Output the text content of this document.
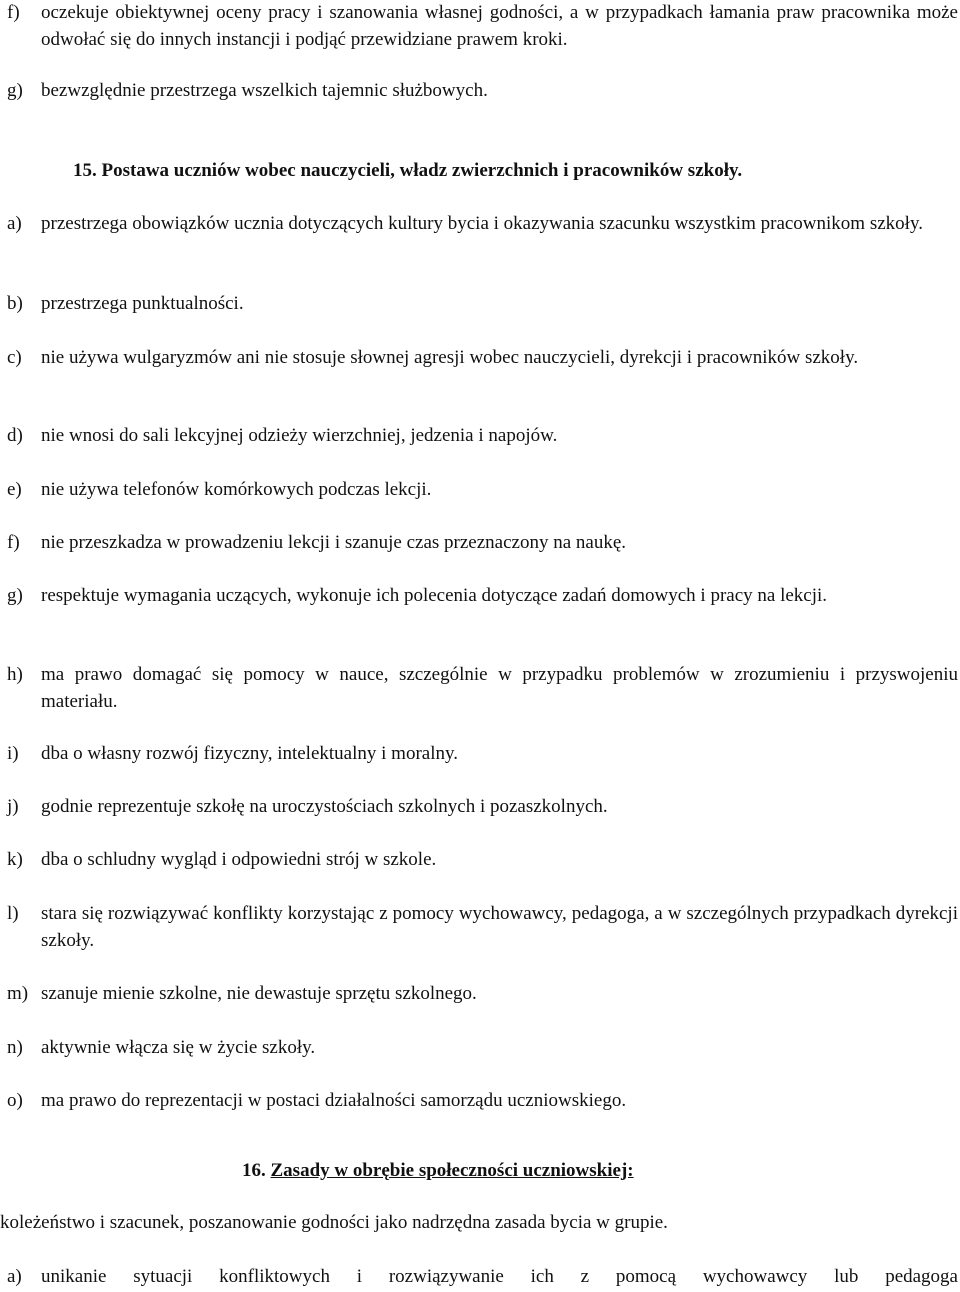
f)	oczekuje obiektywnej oceny pracy i szanowania własnej godności, a w przypadkach łamania praw pracownika może odwołać się do innych instancji i podjąć przewidziane prawem kroki.
g) bezwzględnie przestrzega wszelkich tajemnic służbowych.
15. Postawa uczniów wobec nauczycieli, władz zwierzchnich i pracowników szkoły.
a)	przestrzega obowiązków ucznia dotyczących kultury bycia i okazywania szacunku wszystkim pracownikom szkoły.
b) przestrzega punktualności.
c)	nie używa wulgaryzmów ani nie stosuje słownej agresji wobec nauczycieli, dyrekcji i pracowników szkoły.
d) nie wnosi do sali lekcyjnej odzieży wierzchniej, jedzenia i napojów.
e)	nie używa telefonów komórkowych podczas lekcji.
f)	nie przeszkadza w prowadzeniu lekcji i szanuje czas przeznaczony na naukę.
g) respektuje wymagania uczących, wykonuje ich polecenia dotyczące zadań domowych i pracy na lekcji.
h) ma prawo domagać się pomocy w nauce, szczególnie w przypadku problemów w zrozumieniu i przyswojeniu materiału.
i)	dba o własny rozwój fizyczny, intelektualny i moralny.
j)	godnie reprezentuje szkołę na uroczystościach szkolnych i pozaszkolnych.
k) dba o schludny wygląd i odpowiedni strój w szkole.
l)	stara się rozwiązywać konflikty korzystając z pomocy wychowawcy, pedagoga, a w szczególnych przypadkach dyrekcji szkoły.
m) szanuje mienie szkolne, nie dewastuje sprzętu szkolnego.
n) aktywnie włącza się w życie szkoły.
o) ma prawo do reprezentacji w postaci działalności samorządu uczniowskiego.
16. Zasady w obrębie społeczności uczniowskiej:
koleżeństwo i szacunek, poszanowanie godności jako nadrzędna zasada bycia w grupie.
a)	unikanie sytuacji konfliktowych i rozwiązywanie ich z pomocą wychowawcy lub pedagoga
